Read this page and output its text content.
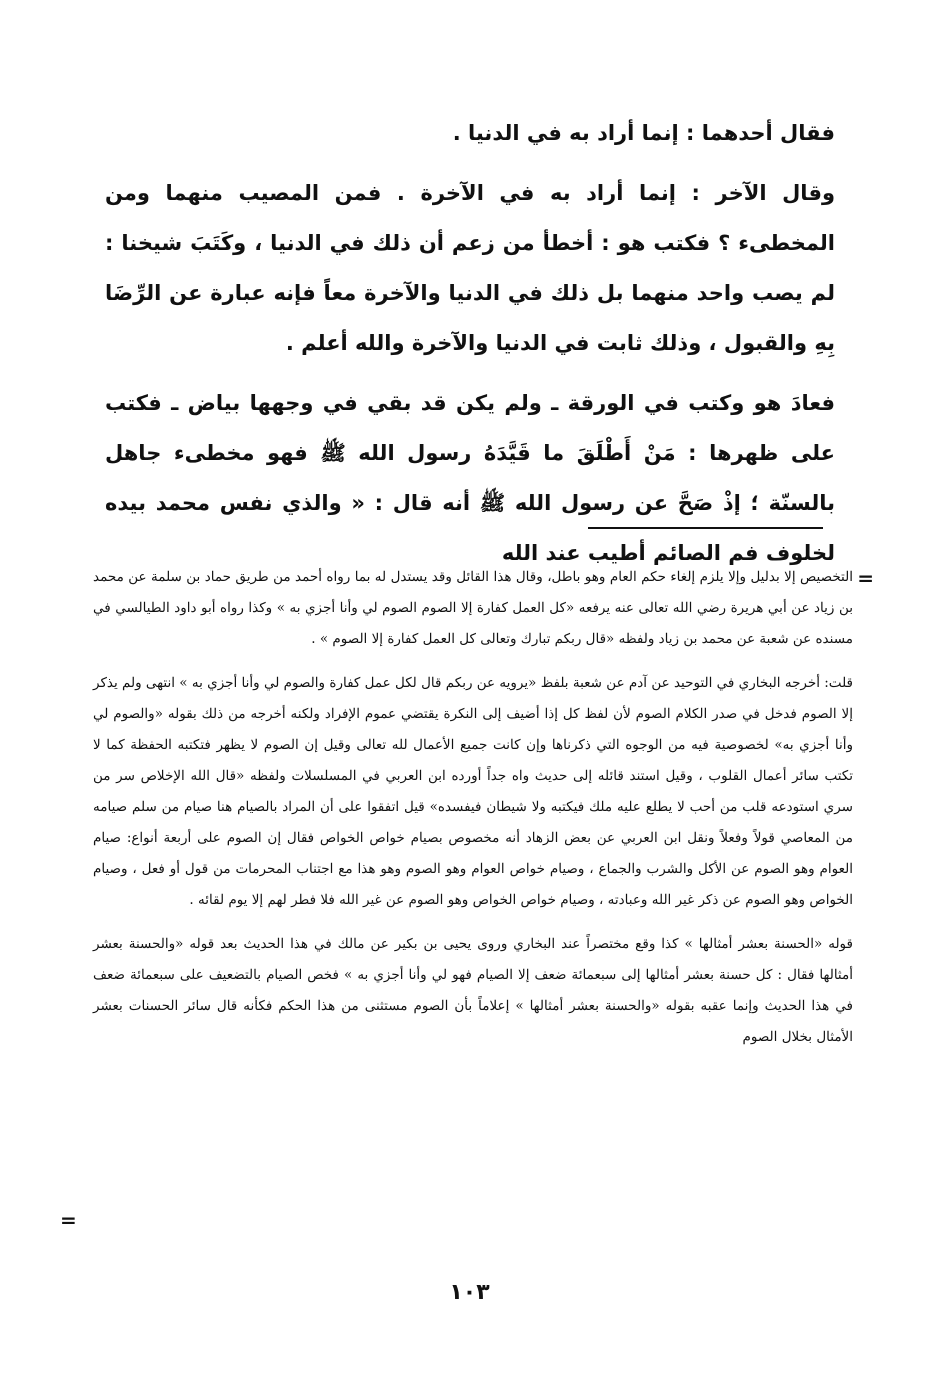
فقال أحدهما : إنما أراد به في الدنيا .

وقال الآخر : إنما أراد به في الآخرة . فمن المصيب منهما ومن المخطىء ؟ فكتب هو : أخطأ من زعم أن ذلك في الدنيا ، وكَتَبَ شيخنا : لم يصب واحد منهما بل ذلك في الدنيا والآخرة معاً فإنه عبارة عن الرِّضَا بِهِ والقبول ، وذلك ثابت في الدنيا والآخرة والله أعلم .

فعادَ هو وكتب في الورقة ـ ولم يكن قد بقي في وجهها بياض ـ فكتب على ظهرها : مَنْ أَطْلَقَ ما قَيَّدَهُ رسول الله ﷺ فهو مخطىء جاهل بالسنّة ؛ إذْ صَحَّ عن رسول الله ﷺ أنه قال : « والذي نفس محمد بيده لخلوف فم الصائم أطيب عند الله

=

التخصيص إلا بدليل وإلا يلزم إلغاء حكم العام وهو باطل، وقال هذا القائل وقد يستدل له بما رواه أحمد من طريق حماد بن سلمة عن محمد بن زياد عن أبي هريرة رضي الله تعالى عنه يرفعه «كل العمل كفارة إلا الصوم الصوم لي وأنا أجزي به » وكذا رواه أبو داود الطيالسي في مسنده عن شعبة عن محمد بن زياد ولفظه «قال ربكم تبارك وتعالى كل العمل كفارة إلا الصوم » .

قلت: أخرجه البخاري في التوحيد عن آدم عن شعبة بلفظ «يرويه عن ربكم قال لكل عمل كفارة والصوم لي وأنا أجزي به » انتهى ولم يذكر إلا الصوم فدخل في صدر الكلام الصوم لأن لفظ كل إذا أضيف إلى النكرة يقتضي عموم الإفراد ولكنه أخرجه من ذلك بقوله «والصوم لي وأنا أجزي به» لخصوصية فيه من الوجوه التي ذكرناها وإن كانت جميع الأعمال لله تعالى وقيل إن الصوم لا يظهر فتكتبه الحفظة كما لا تكتب سائر أعمال القلوب ، وقيل استند قائله إلى حديث واه جداً أورده ابن العربي في المسلسلات ولفظه «قال الله الإخلاص سر من سري استودعه قلب من أحب لا يطلع عليه ملك فيكتبه ولا شيطان فيفسده» قيل اتفقوا على أن المراد بالصيام هنا صيام من سلم صيامه من المعاصي قولاً وفعلاً ونقل ابن العربي عن بعض الزهاد أنه مخصوص بصيام خواص الخواص فقال إن الصوم على أربعة أنواع: صيام العوام وهو الصوم عن الأكل والشرب والجماع ، وصيام خواص العوام وهو الصوم وهو هذا مع اجتناب المحرمات من قول أو فعل ، وصيام الخواص وهو الصوم عن ذكر غير الله وعبادته ، وصيام خواص الخواص وهو الصوم عن غير الله فلا فطر لهم إلا يوم لقائه .

قوله «الحسنة بعشر أمثالها » كذا وقع مختصراً عند البخاري وروى يحيى بن بكير عن مالك في هذا الحديث بعد قوله «والحسنة بعشر أمثالها فقال : كل حسنة بعشر أمثالها إلى سبعمائة ضعف إلا الصيام فهو لي وأنا أجزي به » فخص الصيام بالتضعيف على سبعمائة ضعف في هذا الحديث وإنما عقبه بقوله «والحسنة بعشر أمثالها » إعلاماً بأن الصوم مستثنى من هذا الحكم فكأنه قال سائر الحسنات بعشر الأمثال بخلال الصوم

=
١٠٣
